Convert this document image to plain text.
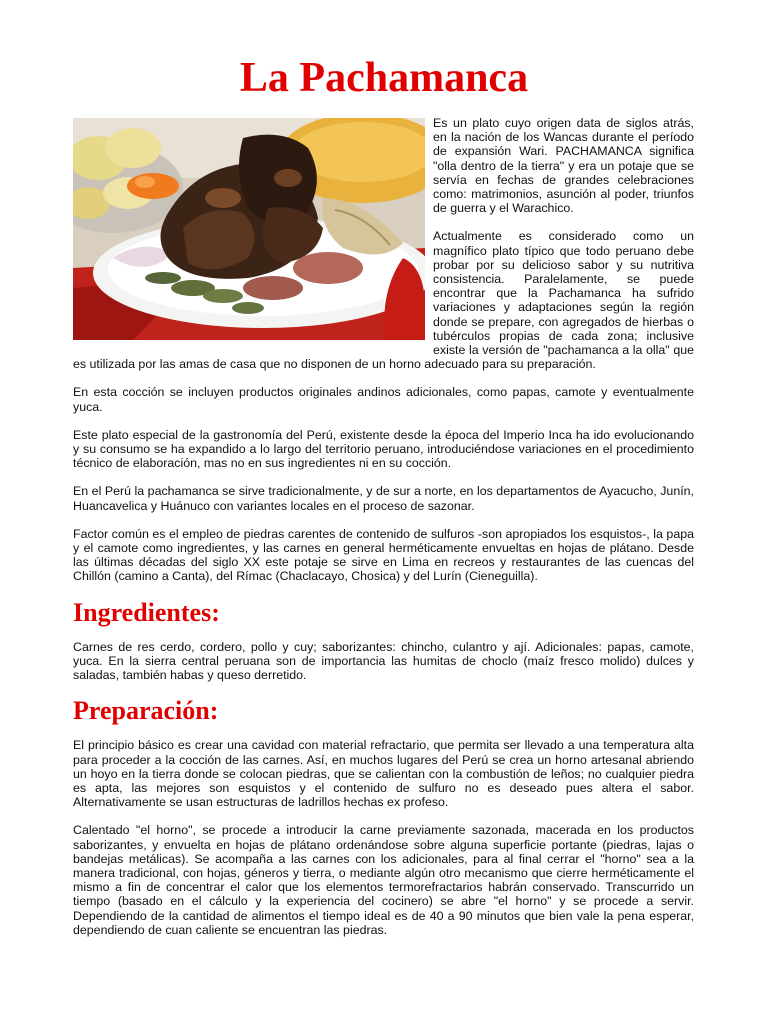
La Pachamanca

Es un plato cuyo origen data de siglos atrás, en la nación de los Wancas durante el período de expansión Wari. PACHAMANCA significa "olla dentro de la tierra" y era un potaje que se servía en fechas de grandes celebraciones como: matrimonios, asunción al poder, triunfos de guerra y el Warachico.

Actualmente es considerado como un magnífico plato típico que todo peruano debe probar por su delicioso sabor y su nutritiva consistencia. Paralelamente, se puede encontrar que la Pachamanca ha sufrido variaciones y adaptaciones según la región donde se prepare, con agregados de hierbas o tubérculos propias de cada zona; inclusive existe la versión de "pachamanca a la olla" que es utilizada por las amas de casa que no disponen de un horno adecuado para su preparación.

En esta cocción se incluyen productos originales andinos adicionales, como papas, camote y eventualmente yuca.

Este plato especial de la gastronomía del Perú, existente desde la época del Imperio Inca ha ido evolucionando y su consumo se ha expandido a lo largo del territorio peruano, introduciéndose variaciones en el procedimiento técnico de elaboración, mas no en sus ingredientes ni en su cocción.

En el Perú la pachamanca se sirve tradicionalmente, y de sur a norte, en los departamentos de Ayacucho, Junín, Huancavelica y Huánuco con variantes locales en el proceso de sazonar.

Factor común es el empleo de piedras carentes de contenido de sulfuros -son apropiados los esquistos-, la papa y el camote como ingredientes, y las carnes en general herméticamente envueltas en hojas de plátano. Desde las últimas décadas del siglo XX este potaje se sirve en Lima en recreos y restaurantes de las cuencas del Chillón (camino a Canta), del Rímac (Chaclacayo, Chosica) y del Lurín (Cieneguilla).

Ingredientes:

Carnes de res cerdo, cordero, pollo y cuy; saborizantes: chincho, culantro y ají. Adicionales: papas, camote, yuca. En la sierra central peruana son de importancia las humitas de choclo (maíz fresco molido) dulces y saladas, también habas y queso derretido.

Preparación:

El principio básico es crear una cavidad con material refractario, que permita ser llevado a una temperatura alta para proceder a la cocción de las carnes. Así, en muchos lugares del Perú se crea un horno artesanal abriendo un hoyo en la tierra donde se colocan piedras, que se calientan con la combustión de leños; no cualquier piedra es apta, las mejores son esquistos y el contenido de sulfuro no es deseado pues altera el sabor. Alternativamente se usan estructuras de ladrillos hechas ex profeso.

Calentado "el horno", se procede a introducir la carne previamente sazonada, macerada en los productos saborizantes, y envuelta en hojas de plátano ordenándose sobre alguna superficie portante (piedras, lajas o bandejas metálicas). Se acompaña a las carnes con los adicionales, para al final cerrar el "horno" sea a la manera tradicional, con hojas, géneros y tierra, o mediante algún otro mecanismo que cierre herméticamente el mismo a fin de concentrar el calor que los elementos termorefractarios habrán conservado. Transcurrido un tiempo (basado en el cálculo y la experiencia del cocinero) se abre "el horno" y se procede a servir. Dependiendo de la cantidad de alimentos el tiempo ideal es de 40 a 90 minutos que bien vale la pena esperar, dependiendo de cuan caliente se encuentran las piedras.
